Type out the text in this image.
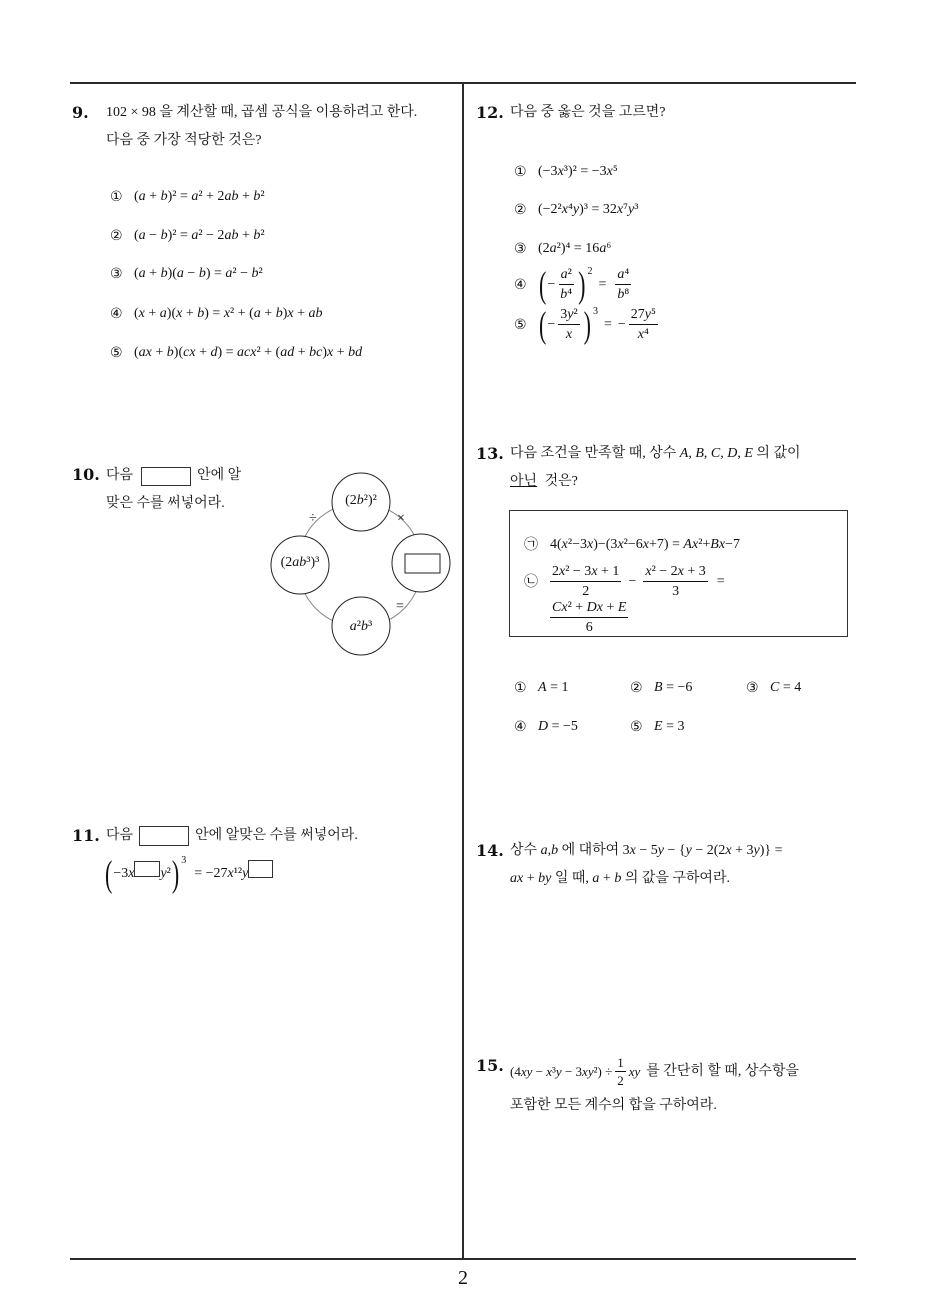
9. 102 × 98 을 계산할 때, 곱셈 공식을 이용하려고 한다.
다음 중 가장 적당한 것은?
① (a + b)² = a² + 2ab + b²
② (a − b)² = a² − 2ab + b²
③ (a + b)(a − b) = a² − b²
④ (x + a)(x + b) = x² + (a + b)x + ab
⑤ (ax + b)(cx + d) = acx² + (ad + bc)x + bd
10. 다음	안에 알
맞은 수를 써넣어라.	(2b²)²
(2ab³)³
a²b³
÷	×
=
11. 다음	안에 알맞은 수를 써넣어라.
( −3x y² ) 3
= −27x¹²y
12. 다음 중 옳은 것을 고르면?
① (−3x³)² = −3x⁵
② (−2²x⁴y)³ = 32x⁷y³
③ (2a²)⁴ = 16a⁶
④ ( − $\frac{\text{a²}}{\text{b⁴}}$ ) 2
= $\frac{\text{a⁴}}{\text{b⁸}}$
⑤ ( − $\frac{\text{3y²}}{x}$ ) 3
= − $\frac{\text{27y⁵}}{\text{x⁴}}$
13. 다음 조건을 만족할 때, 상수 A, B, C, D, E 의 값이
아닌 것은?
㉠ 4(x²−3x)−(3x²−6x+7) = Ax²+Bx−7
㉡ $\frac{\text{2x² − 3x + 1}}{2} - \frac{\text{x² − 2x + 3}}{3}$ =
$\frac{\text{Cx² + Dx + E}}{6}$
① A = 1	② B = −6	③ C = 4
④ D = −5	⑤ E = 3
14. 상수 a,b 에 대하여 3x − 5y − {y − 2(2x + 3y)} =
ax + by 일 때, a + b 의 값을 구하여라.
15. $(4xy - x^3y - 3xy^2) \div \frac{1}{2}$ xy 를 간단히 할 때, 상수항을
포함한 모든 계수의 합을 구하여라.
2
